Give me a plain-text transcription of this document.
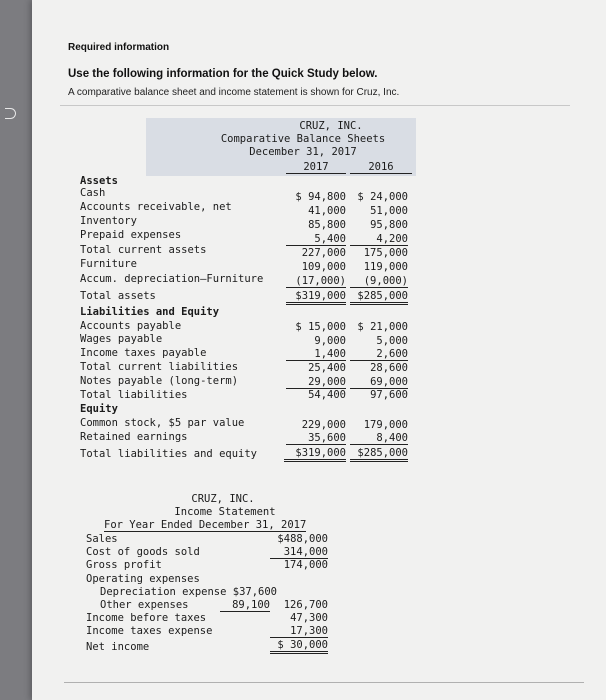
Required information
Use the following information for the Quick Study below.
A comparative balance sheet and income statement is shown for Cruz, Inc.
CRUZ, INC.
Comparative Balance Sheets
December 31, 2017
2017	2016
Assets
Cash	$ 94,800	$ 24,000
Accounts receivable, net	41,000	51,000
Inventory	85,800	95,800
Prepaid expenses	5,400	4,200
Total current assets	227,000	175,000
Furniture	109,000	119,000
Accum. depreciation–Furniture	(17,000)	(9,000)
Total assets	$319,000	$285,000
Liabilities and Equity
Accounts payable	$ 15,000	$ 21,000
Wages payable	9,000	5,000
Income taxes payable	1,400	2,600
Total current liabilities	25,400	28,600
Notes payable (long-term)	29,000	69,000
Total liabilities	54,400	97,600
Equity
Common stock, $5 par value	229,000	179,000
Retained earnings	35,600	8,400
Total liabilities and equity	$319,000	$285,000
CRUZ, INC.
Income Statement
For Year Ended December 31, 2017
Sales	$488,000
Cost of goods sold	314,000
Gross profit	174,000
Operating expenses
Depreciation expense $37,600
Other expenses	89,100	126,700
Income before taxes	47,300
Income taxes expense	17,300
Net income	$ 30,000
